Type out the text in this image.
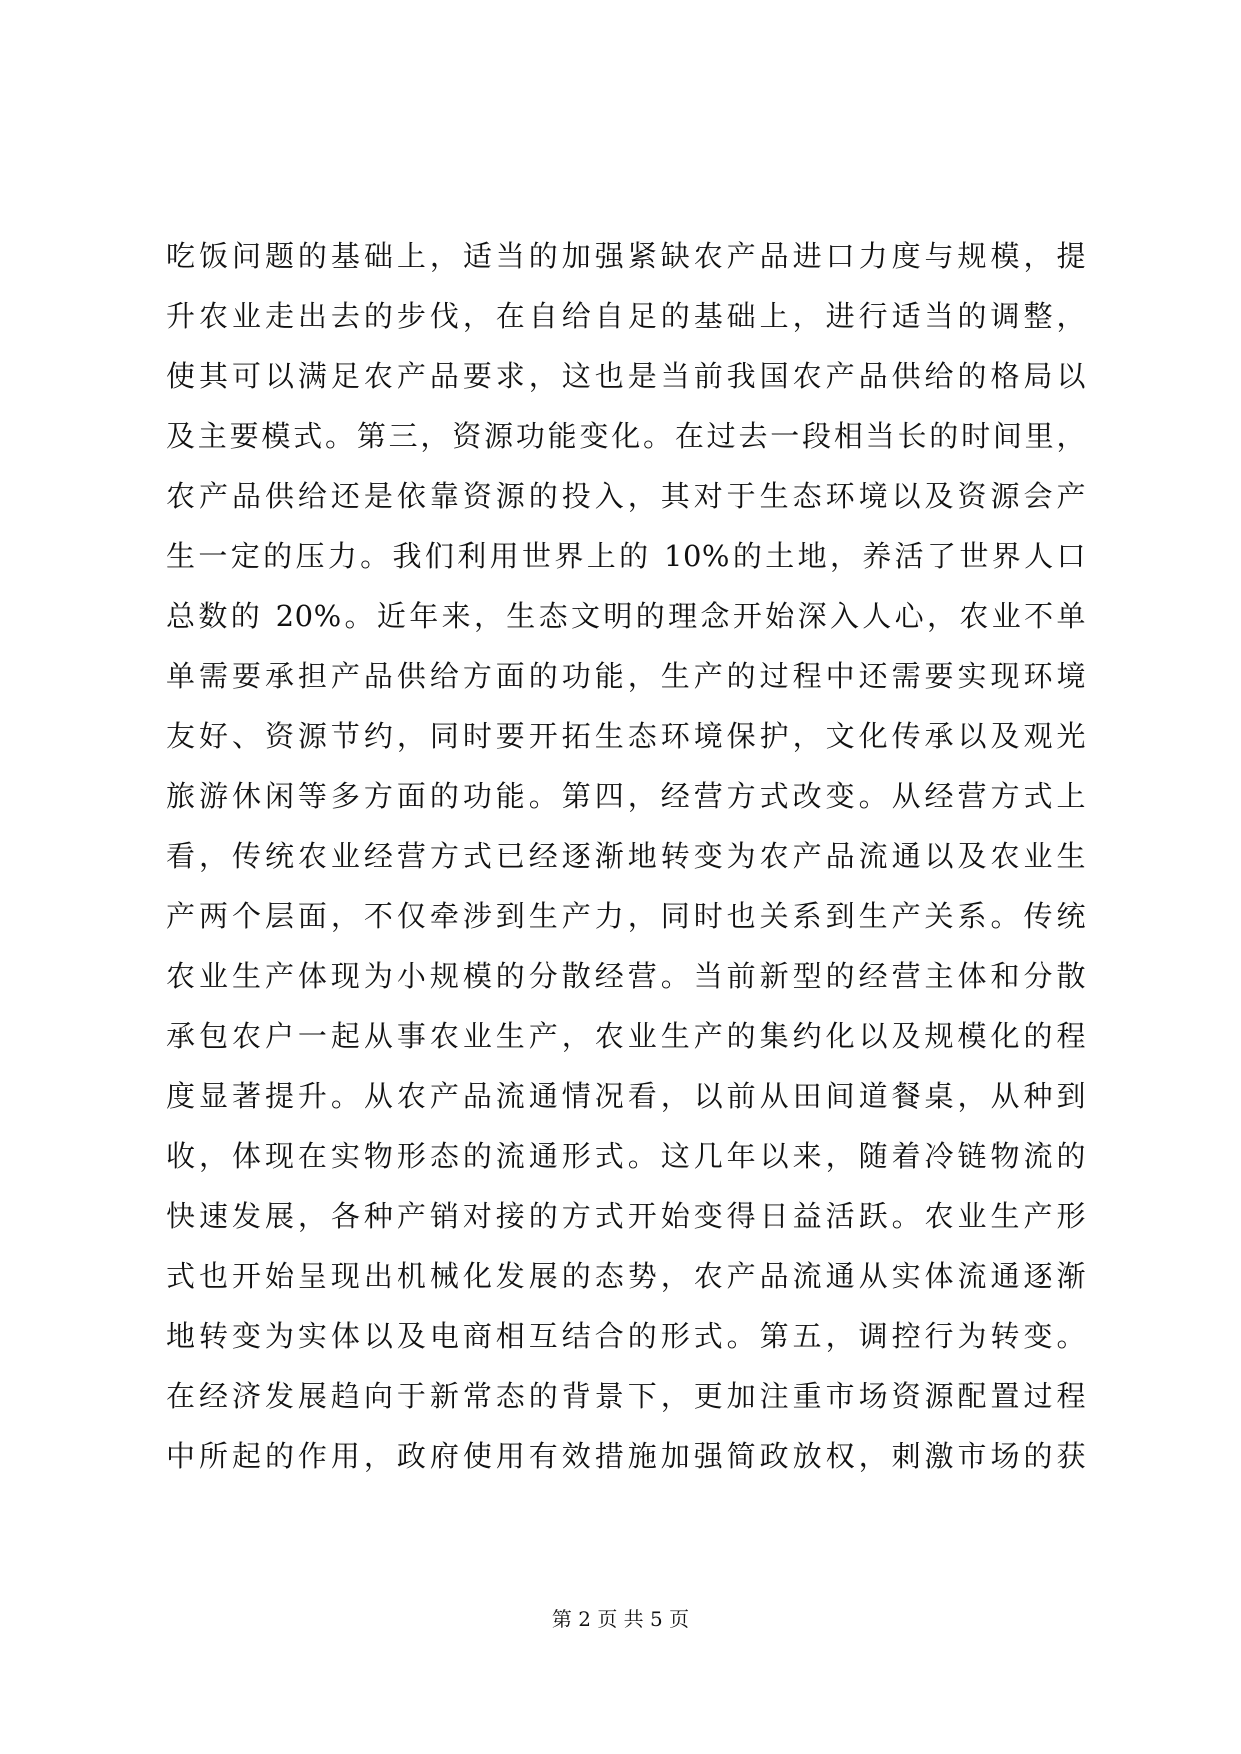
吃饭问题的基础上，适当的加强紧缺农产品进口力度与规模，提
升农业走出去的步伐，在自给自足的基础上，进行适当的调整，
使其可以满足农产品要求，这也是当前我国农产品供给的格局以
及主要模式。第三，资源功能变化。在过去一段相当长的时间里，
农产品供给还是依靠资源的投入，其对于生态环境以及资源会产
生一定的压力。我们利用世界上的 10%的土地，养活了世界人口
总数的 20%。近年来，生态文明的理念开始深入人心，农业不单
单需要承担产品供给方面的功能，生产的过程中还需要实现环境
友好、资源节约，同时要开拓生态环境保护，文化传承以及观光
旅游休闲等多方面的功能。第四，经营方式改变。从经营方式上
看，传统农业经营方式已经逐渐地转变为农产品流通以及农业生
产两个层面，不仅牵涉到生产力，同时也关系到生产关系。传统
农业生产体现为小规模的分散经营。当前新型的经营主体和分散
承包农户一起从事农业生产，农业生产的集约化以及规模化的程
度显著提升。从农产品流通情况看，以前从田间道餐桌，从种到
收，体现在实物形态的流通形式。这几年以来，随着冷链物流的
快速发展，各种产销对接的方式开始变得日益活跃。农业生产形
式也开始呈现出机械化发展的态势，农产品流通从实体流通逐渐
地转变为实体以及电商相互结合的形式。第五，调控行为转变。
在经济发展趋向于新常态的背景下，更加注重市场资源配置过程
中所起的作用，政府使用有效措施加强简政放权，刺激市场的获
第 2 页 共 5 页
